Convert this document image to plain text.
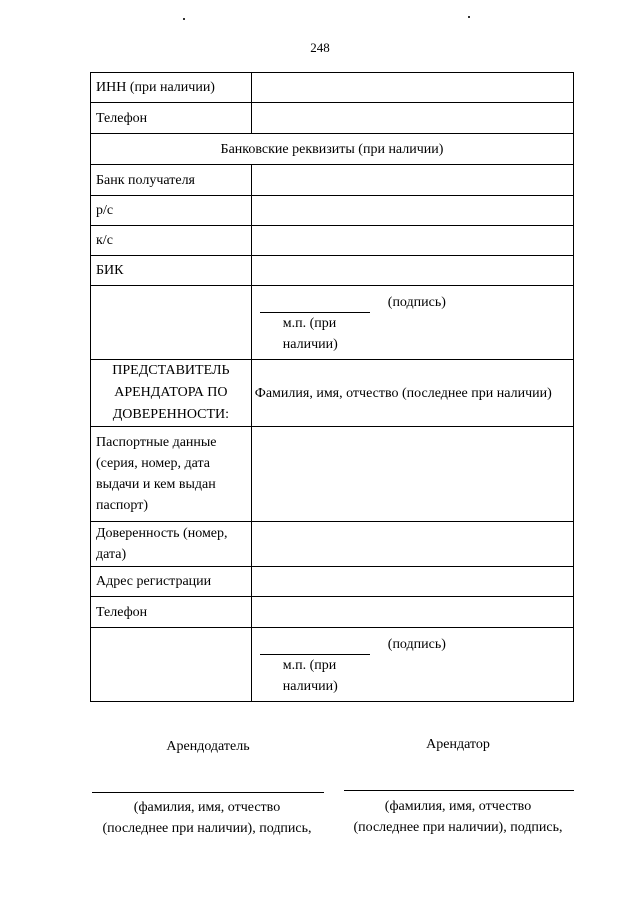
248
ИНН (при наличии)	
Телефон	
Банковские реквизиты (при наличии)	
Банк получателя	
р/с	
к/с	
БИК	

	(подпись)
м.п. (при
наличии)

ПРЕДСТАВИТЕЛЬ
АРЕНДАТОРА ПО
ДОВЕРЕННОСТИ:	Фамилия, имя, отчество (последнее при наличии)
Паспортные данные (серия, номер, дата выдачи и кем выдан паспорт)	
Доверенность (номер, дата)	
Адрес регистрации	
Телефон	

	(подпись)
м.п. (при
наличии)
Арендодатель	Арендатор
(фамилия, имя, отчество
(последнее при наличии), подпись,
(фамилия, имя, отчество
(последнее при наличии), подпись,
